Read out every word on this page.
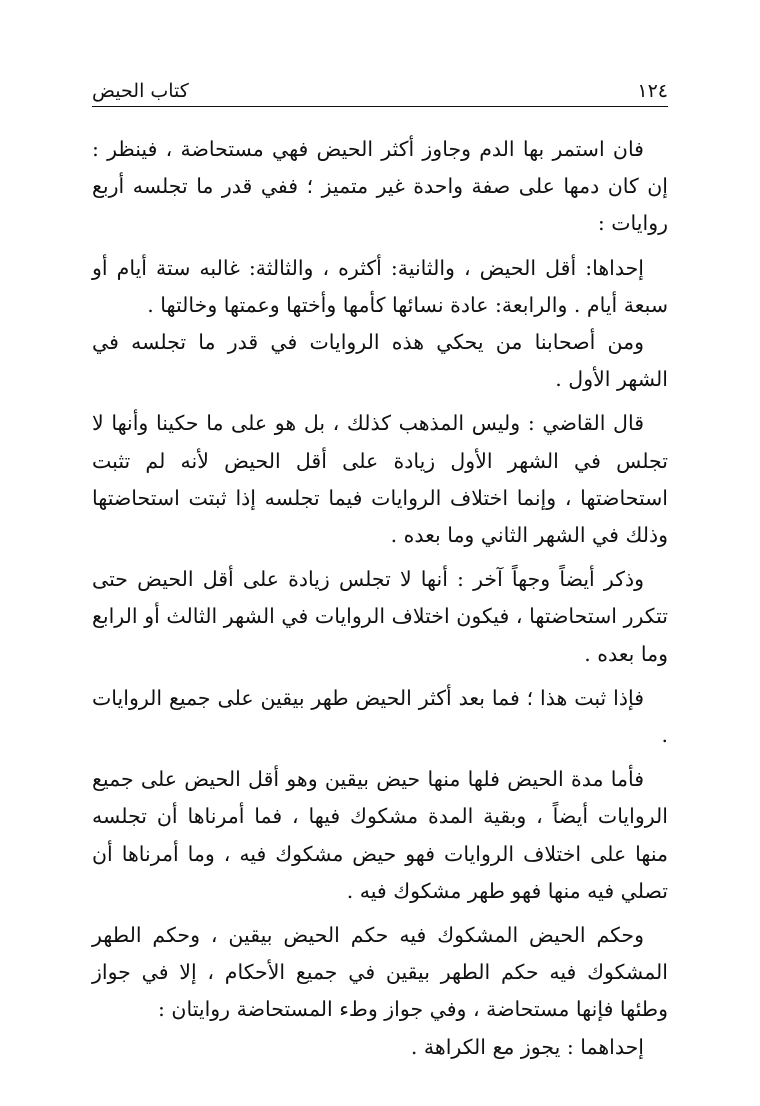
١٢٤
كتاب الحيض

فان استمر بها الدم وجاوز أكثر الحيض فهي مستحاضة ، فينظر : إن كان دمها على صفة واحدة غير متميز ؛ ففي قدر ما تجلسه أربع روايات :

إحداها: أقل الحيض ، والثانية: أكثره ، والثالثة: غالبه ستة أيام أو سبعة أيام . والرابعة: عادة نسائها كأمها وأختها وعمتها وخالتها .

ومن أصحابنا من يحكي هذه الروايات في قدر ما تجلسه في الشهر الأول .

قال القاضي : وليس المذهب كذلك ، بل هو على ما حكينا وأنها لا تجلس في الشهر الأول زيادة على أقل الحيض لأنه لم تثبت استحاضتها ، وإنما اختلاف الروايات فيما تجلسه إذا ثبتت استحاضتها وذلك في الشهر الثاني وما بعده .

وذكر أيضاً وجهاً آخر : أنها لا تجلس زيادة على أقل الحيض حتى تتكرر استحاضتها ، فيكون اختلاف الروايات في الشهر الثالث أو الرابع وما بعده .

فإذا ثبت هذا ؛ فما بعد أكثر الحيض طهر بيقين على جميع الروايات .

فأما مدة الحيض فلها منها حيض بيقين وهو أقل الحيض على جميع الروايات أيضاً ، وبقية المدة مشكوك فيها ، فما أمرناها أن تجلسه منها على اختلاف الروايات فهو حيض مشكوك فيه ، وما أمرناها أن تصلي فيه منها فهو طهر مشكوك فيه .

وحكم الحيض المشكوك فيه حكم الحيض بيقين ، وحكم الطهر المشكوك فيه حكم الطهر بيقين في جميع الأحكام ، إلا في جواز وطئها فإنها مستحاضة ، وفي جواز وطء المستحاضة روايتان :

إحداهما : يجوز مع الكراهة .
